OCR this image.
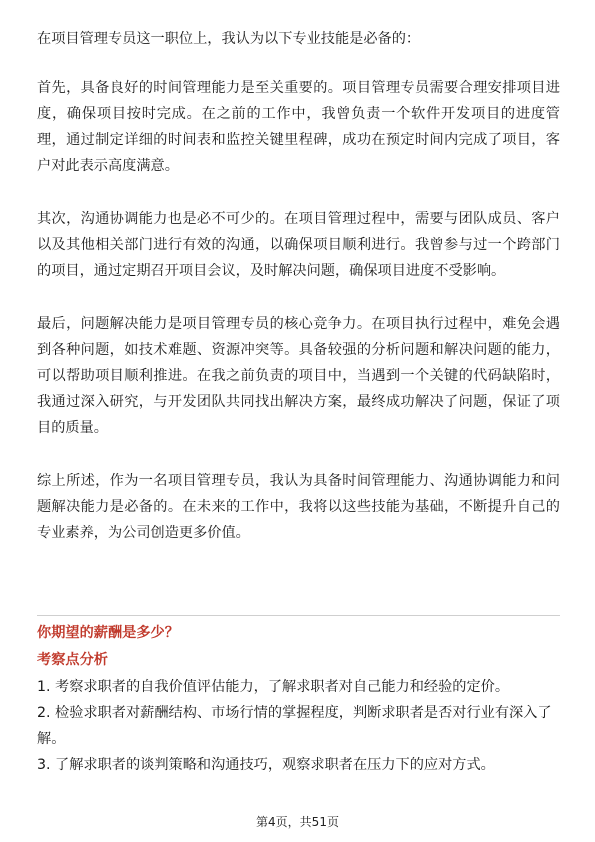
在项目管理专员这一职位上，我认为以下专业技能是必备的：

首先，具备良好的时间管理能力是至关重要的。项目管理专员需要合理安排项目进度，确保项目按时完成。在之前的工作中，我曾负责一个软件开发项目的进度管理，通过制定详细的时间表和监控关键里程碑，成功在预定时间内完成了项目，客户对此表示高度满意。

其次，沟通协调能力也是必不可少的。在项目管理过程中，需要与团队成员、客户以及其他相关部门进行有效的沟通，以确保项目顺利进行。我曾参与过一个跨部门的项目，通过定期召开项目会议，及时解决问题，确保项目进度不受影响。

最后，问题解决能力是项目管理专员的核心竞争力。在项目执行过程中，难免会遇到各种问题，如技术难题、资源冲突等。具备较强的分析问题和解决问题的能力，可以帮助项目顺利推进。在我之前负责的项目中，当遇到一个关键的代码缺陷时，我通过深入研究，与开发团队共同找出解决方案，最终成功解决了问题，保证了项目的质量。

综上所述，作为一名项目管理专员，我认为具备时间管理能力、沟通协调能力和问题解决能力是必备的。在未来的工作中，我将以这些技能为基础，不断提升自己的专业素养，为公司创造更多价值。

你期望的薪酬是多少？

考察点分析

1. 考察求职者的自我价值评估能力，了解求职者对自己能力和经验的定价。

2. 检验求职者对薪酬结构、市场行情的掌握程度，判断求职者是否对行业有深入了解。

3. 了解求职者的谈判策略和沟通技巧，观察求职者在压力下的应对方式。

第4页，共51页
